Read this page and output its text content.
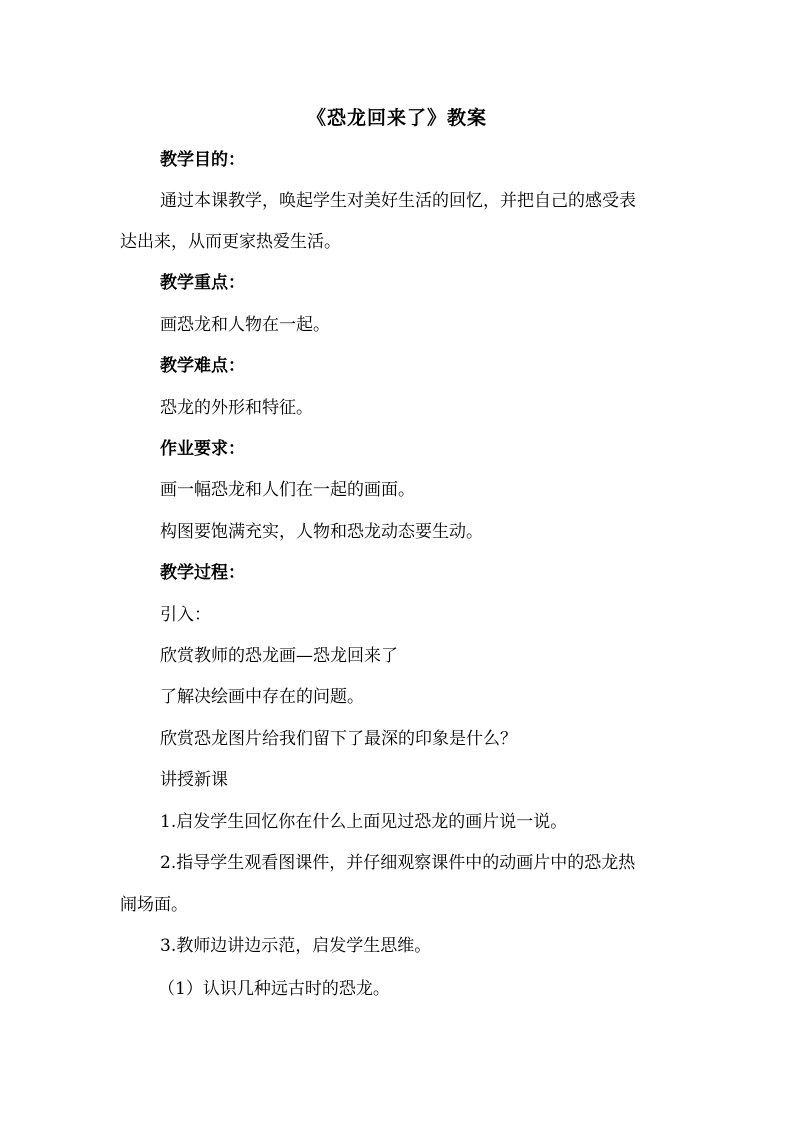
《恐龙回来了》教案
教学目的：
通过本课教学，唤起学生对美好生活的回忆，并把自己的感受表
达出来，从而更家热爱生活。
教学重点：
画恐龙和人物在一起。
教学难点：
恐龙的外形和特征。
作业要求：
画一幅恐龙和人们在一起的画面。
构图要饱满充实，人物和恐龙动态要生动。
教学过程：
引入：
欣赏教师的恐龙画—恐龙回来了
了解决绘画中存在的问题。
欣赏恐龙图片给我们留下了最深的印象是什么？
讲授新课
1.启发学生回忆你在什么上面见过恐龙的画片说一说。
2.指导学生观看图课件，并仔细观察课件中的动画片中的恐龙热
闹场面。
3.教师边讲边示范，启发学生思维。
（1）认识几种远古时的恐龙。
